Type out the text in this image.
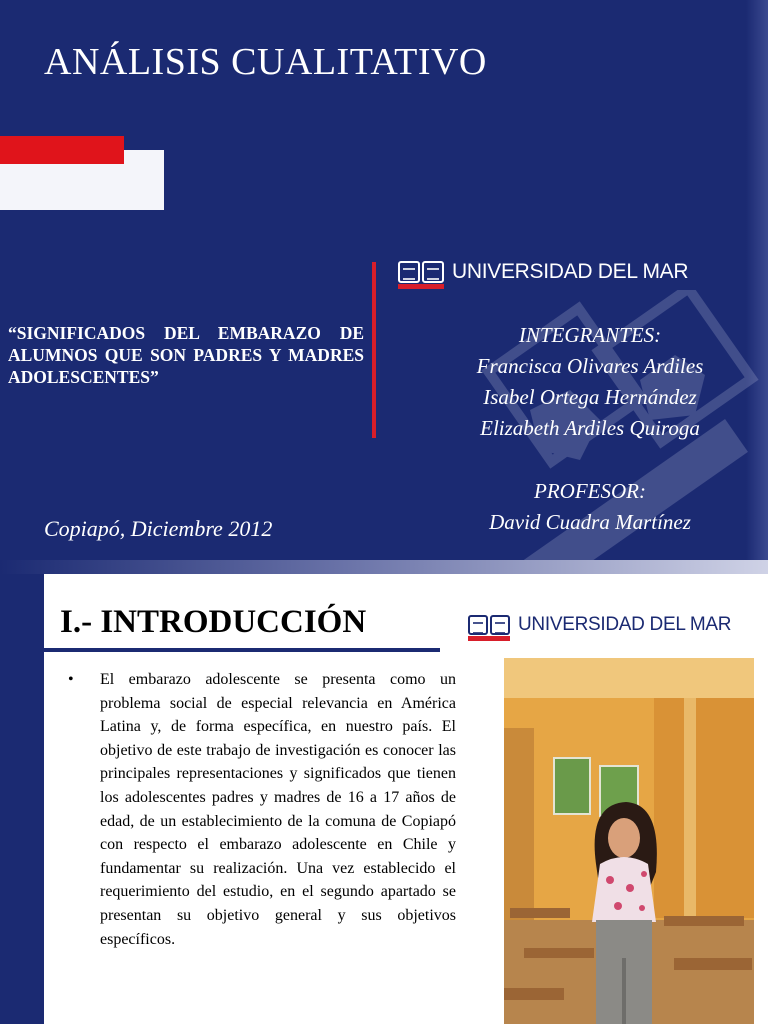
ANÁLISIS CUALITATIVO

“SIGNIFICADOS DEL EMBARAZO DE ALUMNOS QUE SON PADRES Y MADRES ADOLESCENTES”

UNIVERSIDAD DEL MAR

INTEGRANTES:

Francisca Olivares Ardiles

Isabel Ortega Hernández

Elizabeth Ardiles Quiroga

PROFESOR:

David Cuadra Martínez

Copiapó, Diciembre 2012

I.- INTRODUCCIÓN	UNIVERSIDAD DEL MAR
• El embarazo adolescente se presenta como un problema social de especial relevancia en América Latina y, de forma específica, en nuestro país. El objetivo de este trabajo de investigación es conocer las principales representaciones y significados que tienen los adolescentes padres y madres de 16 a 17 años de edad, de un establecimiento de la comuna de Copiapó con respecto el embarazo adolescente en Chile y fundamentar su realización. Una vez establecido el requerimiento del estudio, en el segundo apartado se presentan su objetivo general y sus objetivos específicos.
